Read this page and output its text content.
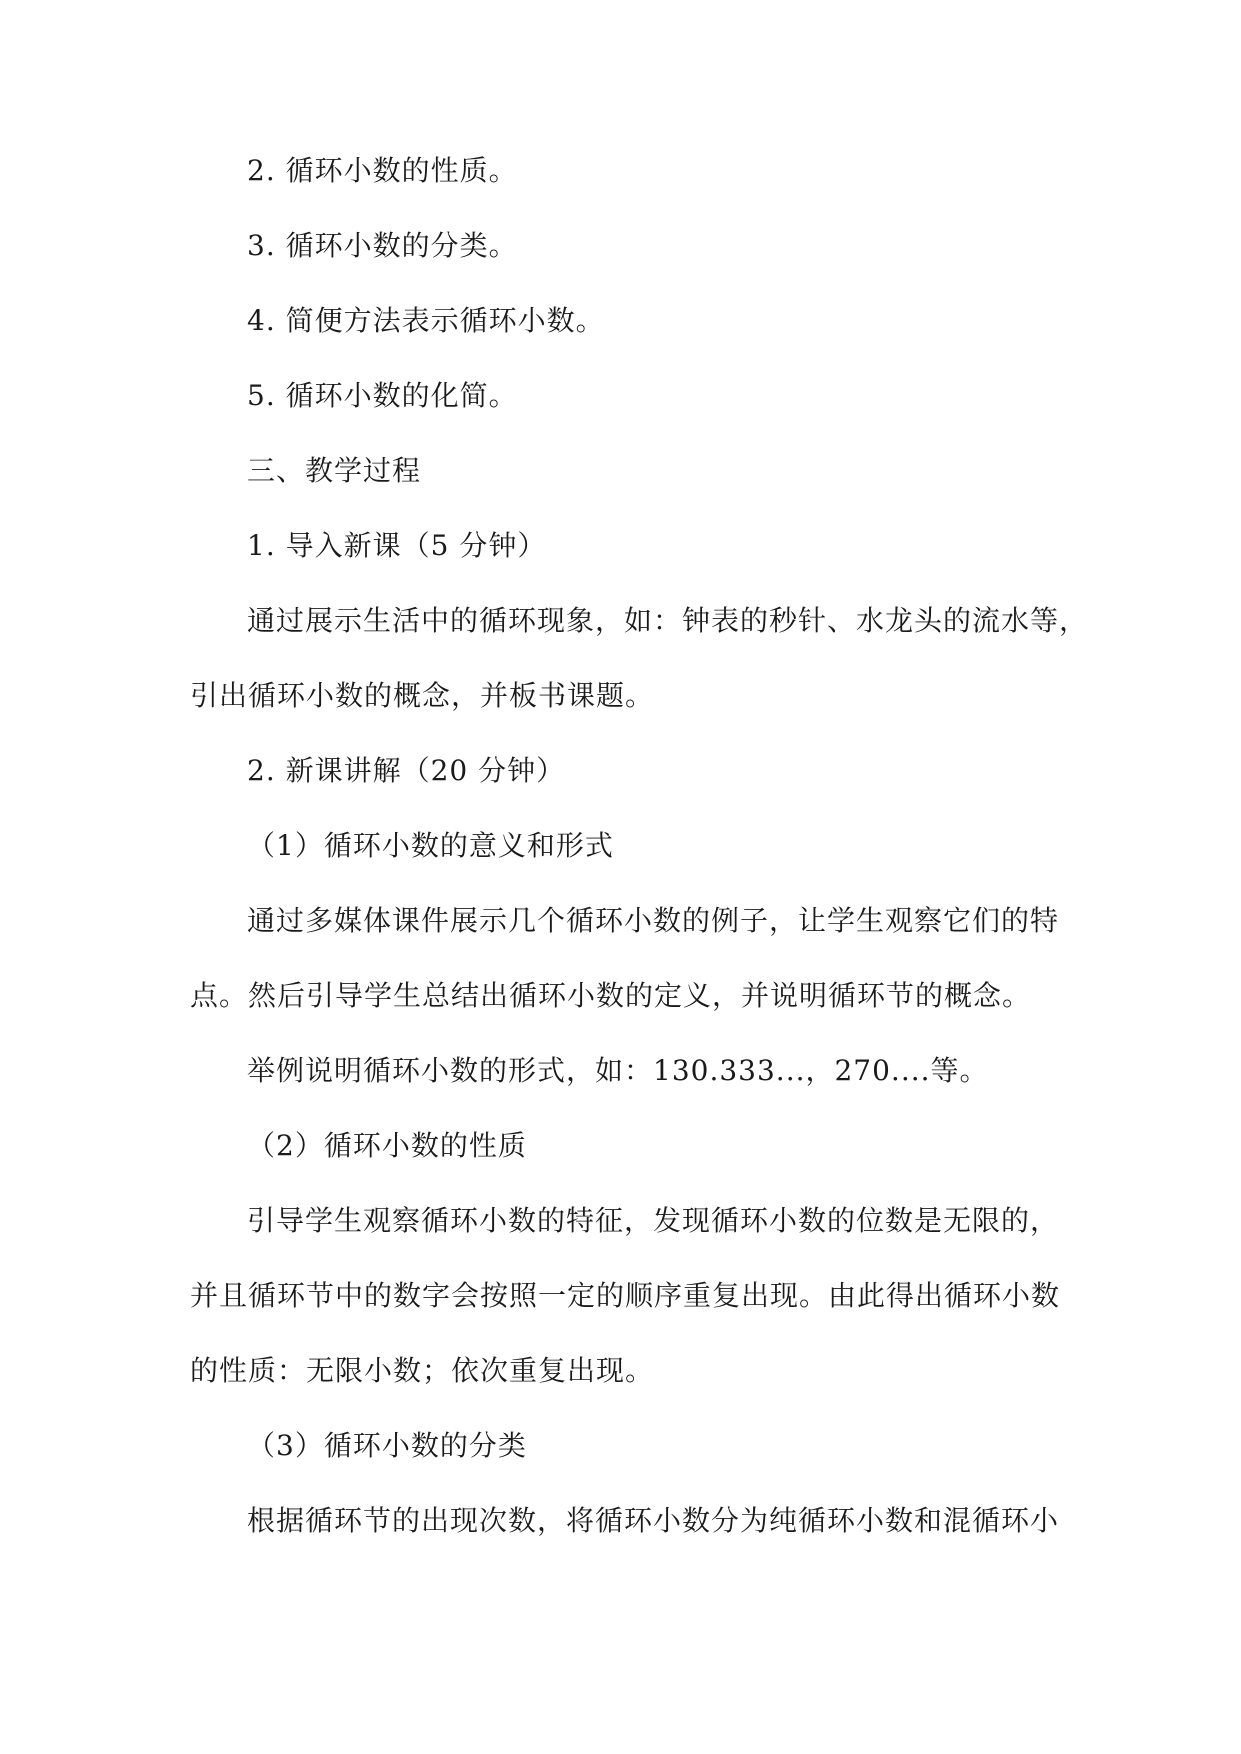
2. 循环小数的性质。
3. 循环小数的分类。
4. 简便方法表示循环小数。
5. 循环小数的化简。
三、教学过程
1. 导入新课（5 分钟）
通过展示生活中的循环现象，如：钟表的秒针、水龙头的流水等，
引出循环小数的概念，并板书课题。
2. 新课讲解（20 分钟）
（1）循环小数的意义和形式
通过多媒体课件展示几个循环小数的例子，让学生观察它们的特
点。然后引导学生总结出循环小数的定义，并说明循环节的概念。
举例说明循环小数的形式，如：130.333...，270....等。
（2）循环小数的性质
引导学生观察循环小数的特征，发现循环小数的位数是无限的，
并且循环节中的数字会按照一定的顺序重复出现。由此得出循环小数
的性质：无限小数；依次重复出现。
（3）循环小数的分类
根据循环节的出现次数，将循环小数分为纯循环小数和混循环小
